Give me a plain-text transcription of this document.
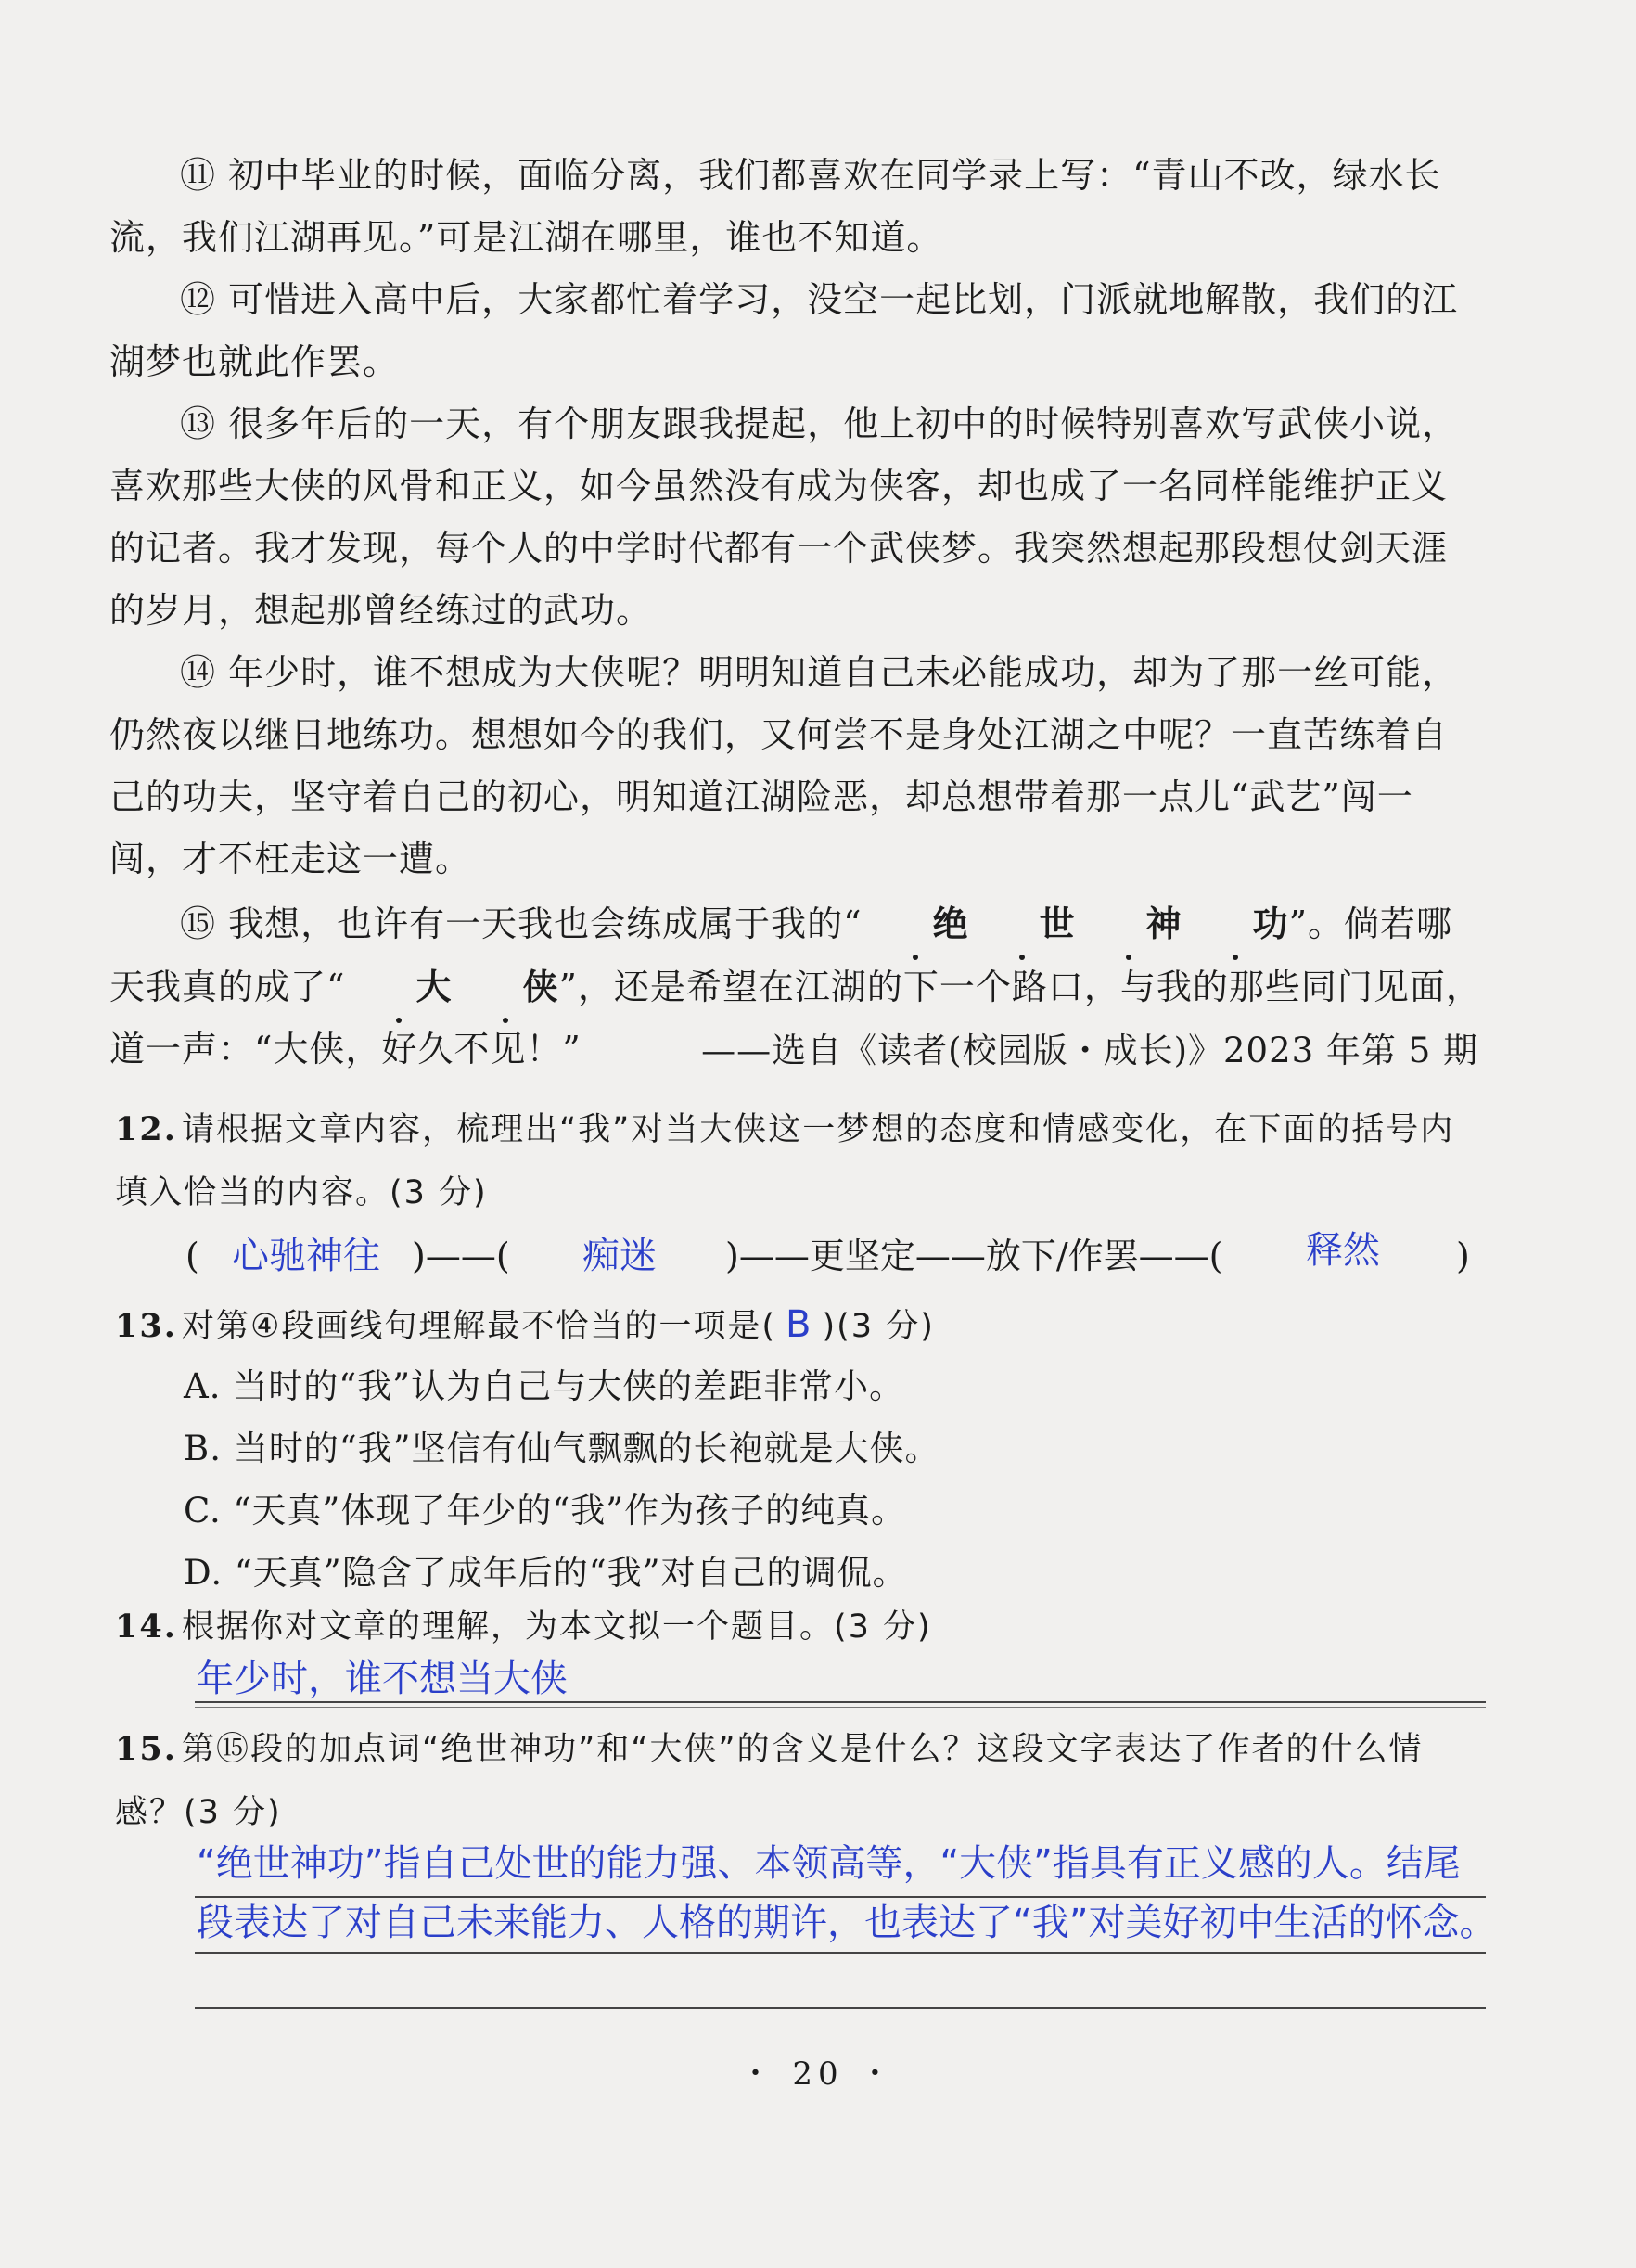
⑪ 初中毕业的时候，面临分离，我们都喜欢在同学录上写：“青山不改，绿水长流，我们江湖再见。”可是江湖在哪里，谁也不知道。

⑫ 可惜进入高中后，大家都忙着学习，没空一起比划，门派就地解散，我们的江湖梦也就此作罢。

⑬ 很多年后的一天，有个朋友跟我提起，他上初中的时候特别喜欢写武侠小说，喜欢那些大侠的风骨和正义，如今虽然没有成为侠客，却也成了一名同样能维护正义的记者。我才发现，每个人的中学时代都有一个武侠梦。我突然想起那段想仗剑天涯的岁月，想起那曾经练过的武功。

⑭ 年少时，谁不想成为大侠呢？明明知道自己未必能成功，却为了那一丝可能，仍然夜以继日地练功。想想如今的我们，又何尝不是身处江湖之中呢？一直苦练着自己的功夫，坚守着自己的初心，明知道江湖险恶，却总想带着那一点儿“武艺”闯一闯，才不枉走这一遭。

⑮ 我想，也许有一天我也会练成属于我的“ 绝 世 神 功”。倘若哪天我真的成了“ 大 侠”，还是希望在江湖的下一个路口，与我的那些同门见面，道一声：“大侠，好久不见！”	——选自《读者(校园版・成长)》2023 年第 5 期
12. 请根据文章内容，梳理出“我”对当大侠这一梦想的态度和情感变化，在下面的括号内填入恰当的内容。(3 分)
( 心驰神往 )——( 痴迷 )——更坚定——放下/作罢——( 释然 )
13. 对第④段画线句理解最不恰当的一项是( B )(3 分)
A. 当时的“我”认为自己与大侠的差距非常小。
B. 当时的“我”坚信有仙气飘飘的长袍就是大侠。
C. “天真”体现了年少的“我”作为孩子的纯真。
D. “天真”隐含了成年后的“我”对自己的调侃。
14. 根据你对文章的理解，为本文拟一个题目。(3 分)
年少时，谁不想当大侠
15. 第⑮段的加点词“绝世神功”和“大侠”的含义是什么？这段文字表达了作者的什么情感？(3 分)
“绝世神功”指自己处世的能力强、本领高等，“大侠”指具有正义感的人。结尾
段表达了对自己未来能力、人格的期许，也表达了“我”对美好初中生活的怀念。
・ 20 ・
